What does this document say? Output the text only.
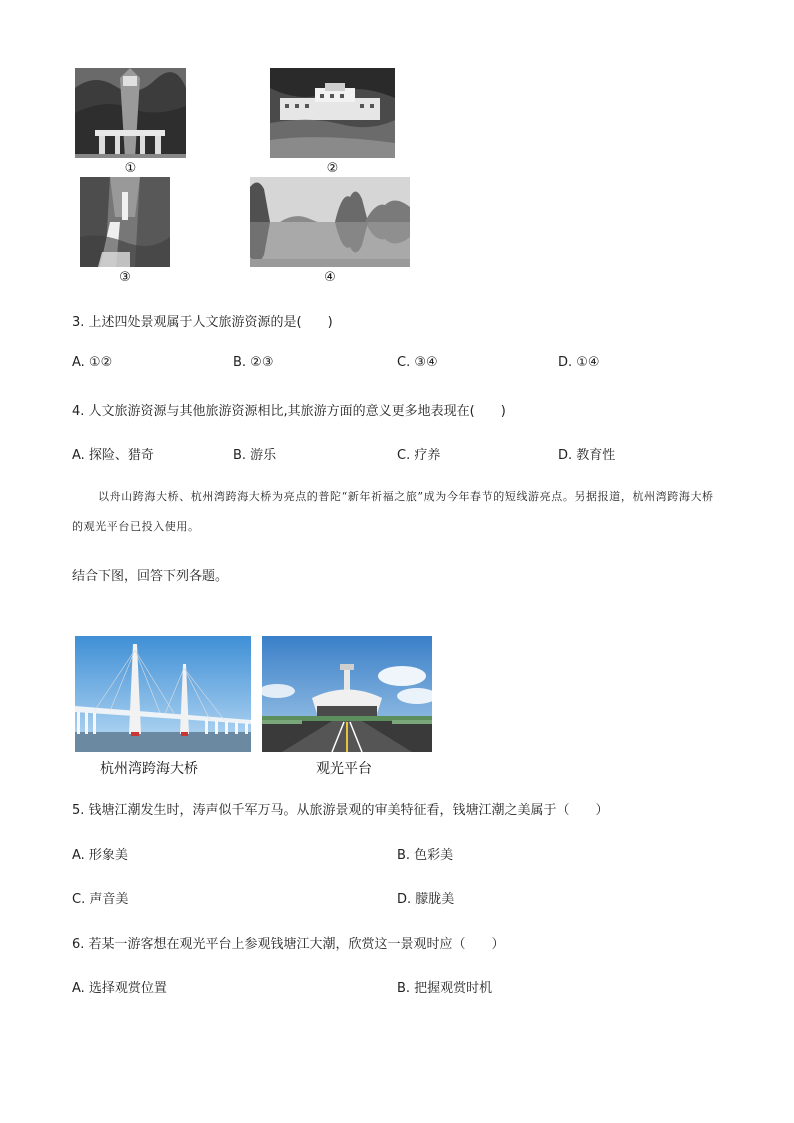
①	②
③	④
3. 上述四处景观属于人文旅游资源的是(　　)
A. ①②	B. ②③	C. ③④	D. ①④
4. 人文旅游资源与其他旅游资源相比,其旅游方面的意义更多地表现在(　　)
A. 探险、猎奇	B. 游乐	C. 疗养	D. 教育性
以舟山跨海大桥、杭州湾跨海大桥为亮点的普陀“新年祈福之旅”成为今年春节的短线游亮点。另据报道，杭州湾跨海大桥的观光平台已投入使用。
结合下图，回答下列各题。
杭州湾跨海大桥	观光平台
5. 钱塘江潮发生时，涛声似千军万马。从旅游景观的审美特征看，钱塘江潮之美属于（　　）
A. 形象美	B. 色彩美
C. 声音美	D. 朦胧美
6. 若某一游客想在观光平台上参观钱塘江大潮，欣赏这一景观时应（　　）
A. 选择观赏位置	B. 把握观赏时机
